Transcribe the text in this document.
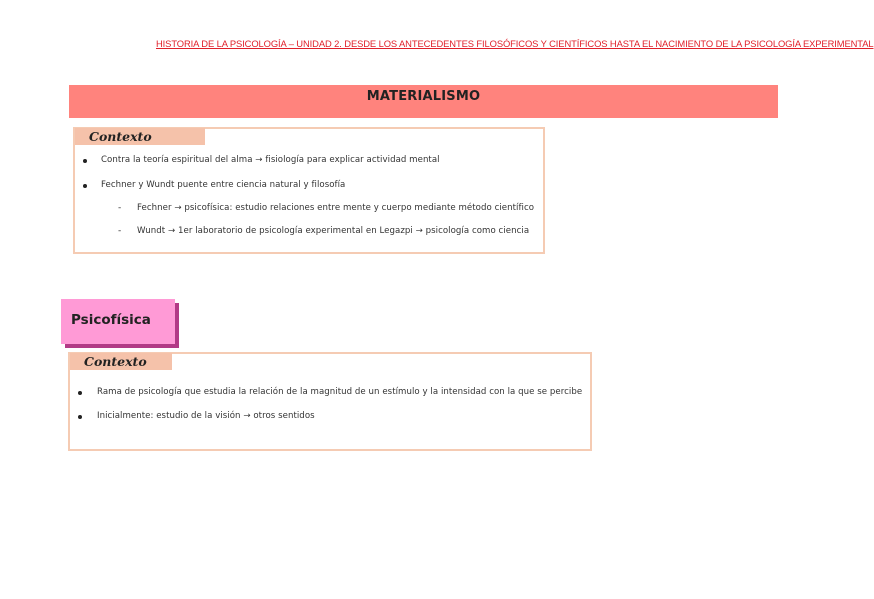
HISTORIA DE LA PSICOLOGÍA – UNIDAD 2. DESDE LOS ANTECEDENTES FILOSÓFICOS Y CIENTÍFICOS HASTA EL NACIMIENTO DE LA PSICOLOGÍA EXPERIMENTAL
MATERIALISMO
Contexto
Contra la teoría espiritual del alma → fisiología para explicar actividad mental
Fechner y Wundt puente entre ciencia natural y filosofía
- Fechner → psicofísica: estudio relaciones entre mente y cuerpo mediante método científico
- Wundt → 1er laboratorio de psicología experimental en Legazpi → psicología como ciencia
Psicofísica
Contexto
Rama de psicología que estudia la relación de la magnitud de un estímulo y la intensidad con la que se percibe
Inicialmente: estudio de la visión → otros sentidos
